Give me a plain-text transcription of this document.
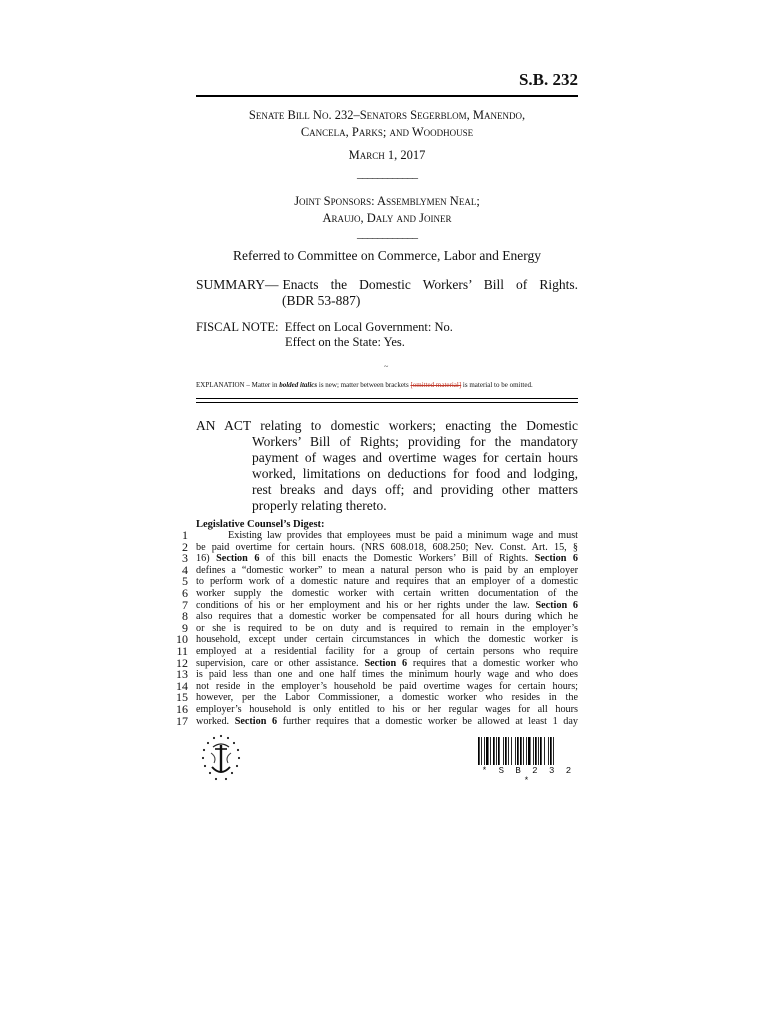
S.B. 232
Senate Bill No. 232–Senators Segerblom, Manendo,
Cancela, Parks; and Woodhouse
March 1, 2017
____________
Joint Sponsors: Assemblymen Neal;
Araujo, Daly and Joiner
____________
Referred to Committee on Commerce, Labor and Energy
SUMMARY— Enacts the Domestic Workers’ Bill of Rights.
(BDR 53-887)
FISCAL NOTE: Effect on Local Government: No.
Effect on the State: Yes.
~
EXPLANATION – Matter in bolded italics is new; matter between brackets [omitted material] is material to be omitted.
AN ACT relating to domestic workers; enacting the Domestic
Workers’ Bill of Rights; providing for the mandatory
payment of wages and overtime wages for certain hours
worked, limitations on deductions for food and lodging,
rest breaks and days off; and providing other matters
properly relating thereto.
Legislative Counsel’s Digest:
1	Existing law provides that employees must be paid a minimum wage and must
2 be paid overtime for certain hours. (NRS 608.018, 608.250; Nev. Const. Art. 15, §
3 16) Section 6 of this bill enacts the Domestic Workers’ Bill of Rights. Section 6
4 defines a “domestic worker” to mean a natural person who is paid by an employer
5 to perform work of a domestic nature and requires that an employer of a domestic
6 worker supply the domestic worker with certain written documentation of the
7 conditions of his or her employment and his or her rights under the law. Section 6
8 also requires that a domestic worker be compensated for all hours during which he
9 or she is required to be on duty and is required to remain in the employer’s
10 household, except under certain circumstances in which the domestic worker is
11 employed at a residential facility for a group of certain persons who require
12 supervision, care or other assistance. Section 6 requires that a domestic worker who
13 is paid less than one and one half times the minimum hourly wage and who does
14 not reside in the employer’s household be paid overtime wages for certain hours;
15 however, per the Labor Commissioner, a domestic worker who resides in the
16 employer’s household is only entitled to his or her regular wages for all hours
17 worked. Section 6 further requires that a domestic worker be allowed at least 1 day
* S B 2 3 2 *
